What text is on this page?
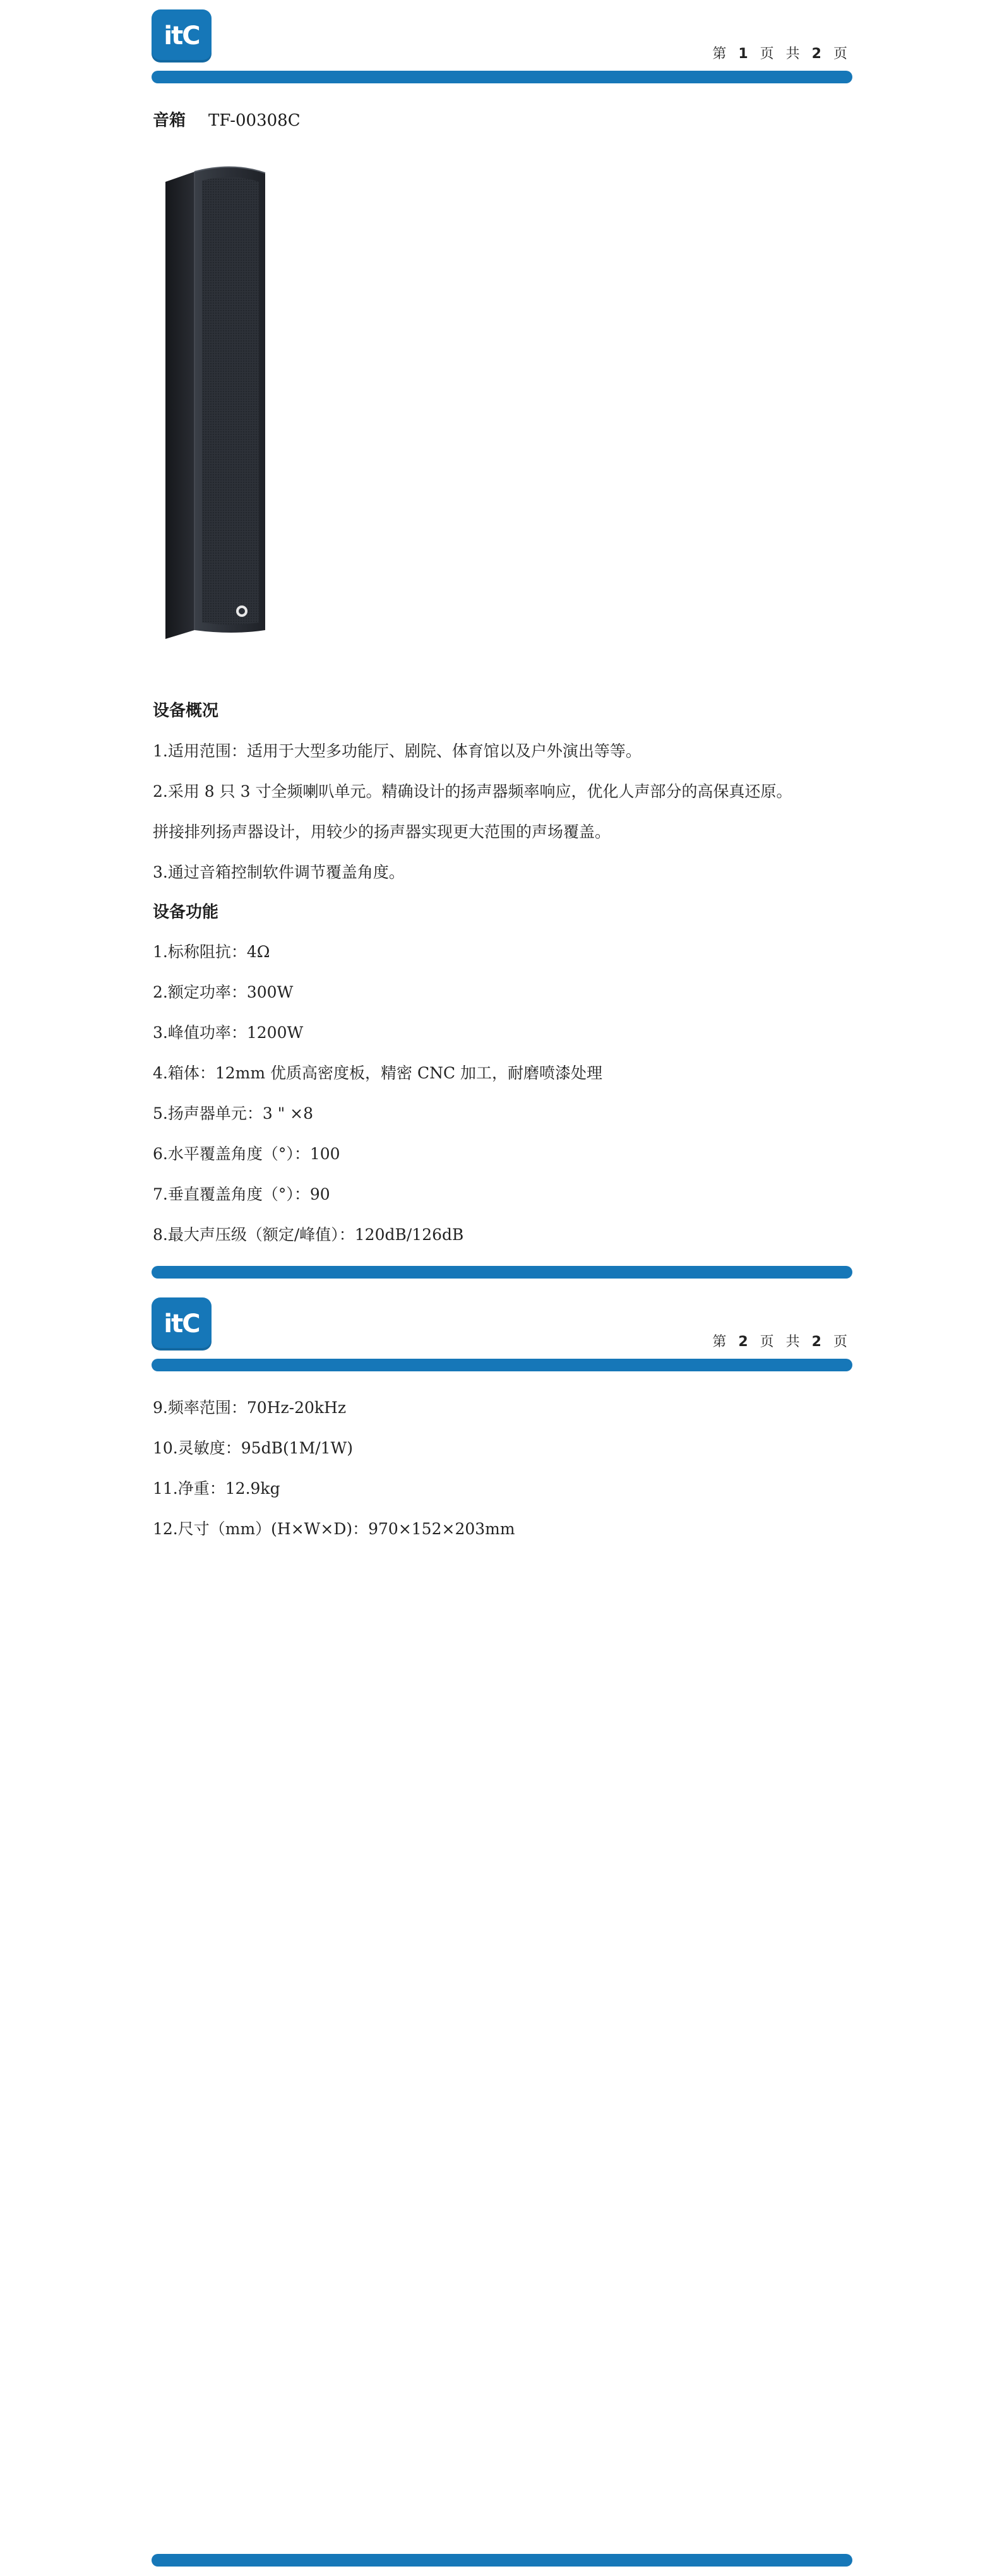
itC
第 1 页 共 2 页
音箱 TF-00308C
设备概况
1.适用范围：适用于大型多功能厅、剧院、体育馆以及户外演出等等。
2.采用 8 只 3 寸全频喇叭单元。精确设计的扬声器频率响应，优化人声部分的高保真还原。
拼接排列扬声器设计，用较少的扬声器实现更大范围的声场覆盖。
3.通过音箱控制软件调节覆盖角度。
设备功能
1.标称阻抗：4Ω
2.额定功率：300W
3.峰值功率：1200W
4.箱体：12mm 优质高密度板，精密 CNC 加工，耐磨喷漆处理
5.扬声器单元：3 " ×8
6.水平覆盖角度（°）：100
7.垂直覆盖角度（°）：90
8.最大声压级（额定/峰值）：120dB/126dB
itC
第 2 页 共 2 页
9.频率范围：70Hz-20kHz
10.灵敏度：95dB(1M/1W)
11.净重：12.9kg
12.尺寸（mm）(H×W×D)：970×152×203mm
